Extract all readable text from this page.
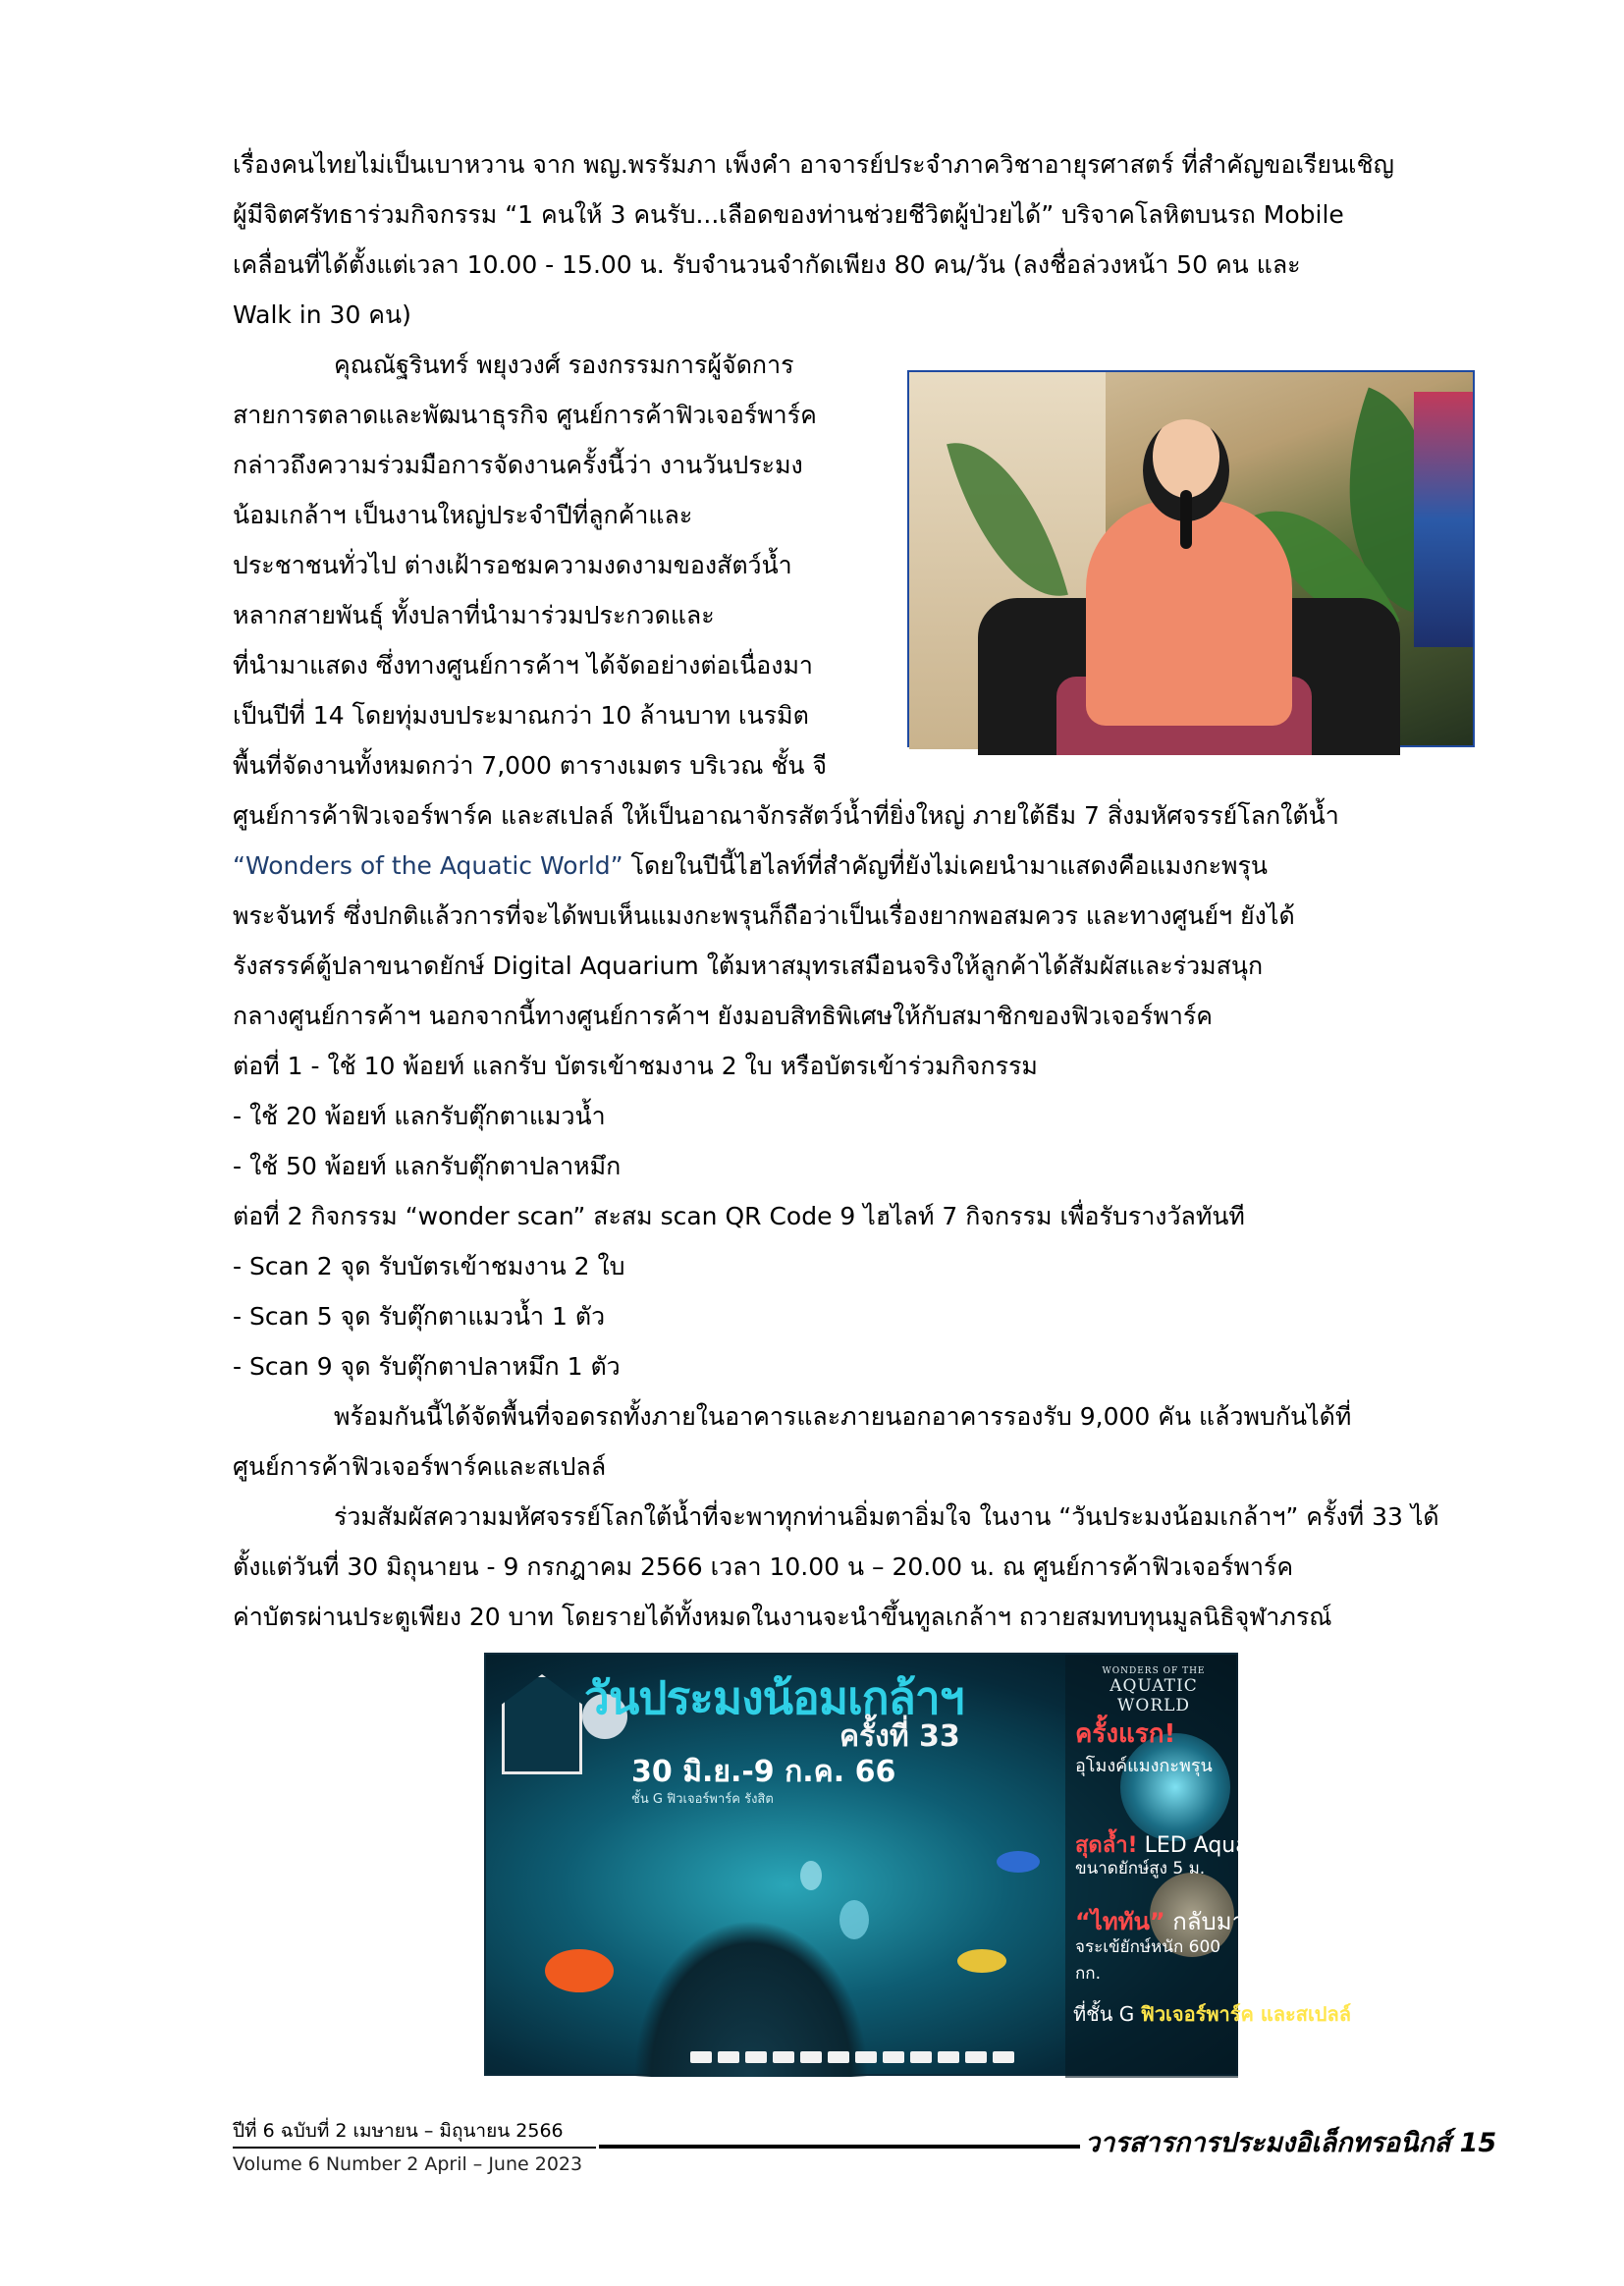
เรื่องคนไทยไม่เป็นเบาหวาน จาก พญ.พรรัมภา เพ็งคำ อาจารย์ประจำภาควิชาอายุรศาสตร์ ที่สำคัญขอเรียนเชิญ
ผู้มีจิตศรัทธาร่วมกิจกรรม “1 คนให้ 3 คนรับ...เลือดของท่านช่วยชีวิตผู้ป่วยได้” บริจาคโลหิตบนรถ Mobile
เคลื่อนที่ได้ตั้งแต่เวลา 10.00 - 15.00 น. รับจำนวนจำกัดเพียง 80 คน/วัน (ลงชื่อล่วงหน้า 50 คน และ
Walk in 30 คน)
คุณณัฐรินทร์ พยุงวงศ์ รองกรรมการผู้จัดการ
สายการตลาดและพัฒนาธุรกิจ ศูนย์การค้าฟิวเจอร์พาร์ค
กล่าวถึงความร่วมมือการจัดงานครั้งนี้ว่า งานวันประมง
น้อมเกล้าฯ เป็นงานใหญ่ประจำปีที่ลูกค้าและ
ประชาชนทั่วไป ต่างเฝ้ารอชมความงดงามของสัตว์น้ำ
หลากสายพันธุ์ ทั้งปลาที่นำมาร่วมประกวดและ
ที่นำมาแสดง ซึ่งทางศูนย์การค้าฯ ได้จัดอย่างต่อเนื่องมา
เป็นปีที่ 14 โดยทุ่มงบประมาณกว่า 10 ล้านบาท เนรมิต
พื้นที่จัดงานทั้งหมดกว่า 7,000 ตารางเมตร บริเวณ ชั้น จี
ศูนย์การค้าฟิวเจอร์พาร์ค และสเปลล์ ให้เป็นอาณาจักรสัตว์น้ำที่ยิ่งใหญ่ ภายใต้ธีม 7 สิ่งมหัศจรรย์โลกใต้น้ำ
“Wonders of the Aquatic World” โดยในปีนี้ไฮไลท์ที่สำคัญที่ยังไม่เคยนำมาแสดงคือแมงกะพรุน
พระจันทร์ ซึ่งปกติแล้วการที่จะได้พบเห็นแมงกะพรุนก็ถือว่าเป็นเรื่องยากพอสมควร และทางศูนย์ฯ ยังได้
รังสรรค์ตู้ปลาขนาดยักษ์ Digital Aquarium ใต้มหาสมุทรเสมือนจริงให้ลูกค้าได้สัมผัสและร่วมสนุก
กลางศูนย์การค้าฯ นอกจากนี้ทางศูนย์การค้าฯ ยังมอบสิทธิพิเศษให้กับสมาชิกของฟิวเจอร์พาร์ค
ต่อที่ 1 - ใช้ 10 พ้อยท์ แลกรับ บัตรเข้าชมงาน 2 ใบ หรือบัตรเข้าร่วมกิจกรรม
- ใช้ 20 พ้อยท์ แลกรับตุ๊กตาแมวน้ำ
- ใช้ 50 พ้อยท์ แลกรับตุ๊กตาปลาหมึก
ต่อที่ 2 กิจกรรม “wonder scan” สะสม scan QR Code 9 ไฮไลท์ 7 กิจกรรม เพื่อรับรางวัลทันที
- Scan 2 จุด รับบัตรเข้าชมงาน 2 ใบ
- Scan 5 จุด รับตุ๊กตาแมวน้ำ 1 ตัว
- Scan 9 จุด รับตุ๊กตาปลาหมึก 1 ตัว
พร้อมกันนี้ได้จัดพื้นที่จอดรถทั้งภายในอาคารและภายนอกอาคารรองรับ 9,000 คัน แล้วพบกันได้ที่
ศูนย์การค้าฟิวเจอร์พาร์คและสเปลล์
ร่วมสัมผัสความมหัศจรรย์โลกใต้น้ำที่จะพาทุกท่านอิ่มตาอิ่มใจ ในงาน “วันประมงน้อมเกล้าฯ” ครั้งที่ 33 ได้
ตั้งแต่วันที่ 30 มิถุนายน - 9 กรกฎาคม 2566 เวลา 10.00 น – 20.00 น. ณ ศูนย์การค้าฟิวเจอร์พาร์ค
ค่าบัตรผ่านประตูเพียง 20 บาท โดยรายได้ทั้งหมดในงานจะนำขึ้นทูลเกล้าฯ ถวายสมทบทุนมูลนิธิจุฬาภรณ์
วันประมงน้อมเกล้าฯ
ครั้งที่ 33
30 มิ.ย.-9 ก.ค. 66
ชั้น G ฟิวเจอร์พาร์ค รังสิต
WONDERS OF THE
AQUATIC WORLD
ครั้งแรก!
อุโมงค์แมงกะพรุน
สุดล้ำ! LED Aquarium
ขนาดยักษ์สูง 5 ม.
“ไททัน” กลับมาโชว์ตัว!
จระเข้ยักษ์หนัก 600 กก.
ที่ชั้น G ฟิวเจอร์พาร์ค และสเปลล์
ปีที่ 6 ฉบับที่ 2 เมษายน – มิถุนายน 2566	วารสารการประมงอิเล็กทรอนิกส์ 15
Volume 6 Number 2 April – June 2023
